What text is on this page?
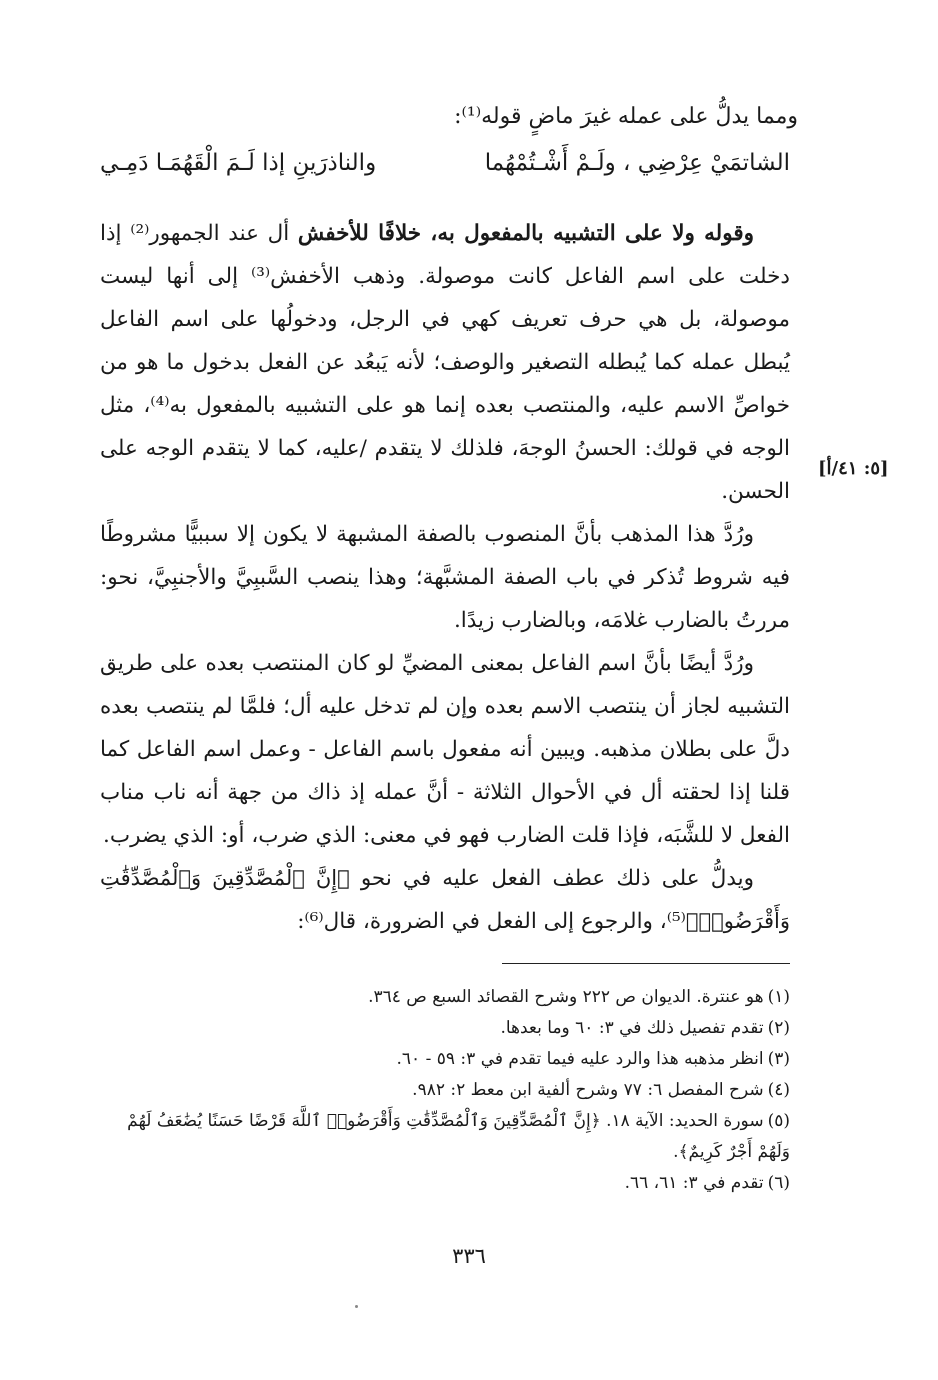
ومما يدلُّ على عمله غيرَ ماضٍ قوله⁽¹⁾:
الشاتمَيْ عِرْضِي ، ولَـمْ أَشْـتُمْهُما
والناذرَينِ إذا لَـمَ الْقَهُمَـا دَمِـي

وقوله ولا على التشبيه بالمفعول به، خلافًا للأخفش أل عند الجمهور⁽²⁾ إذا دخلت على اسم الفاعل كانت موصولة. وذهب الأخفش⁽³⁾ إلى أنها ليست موصولة، بل هي حرف تعريف كهي في الرجل، ودخولُها على اسم الفاعل يُبطل عمله كما يُبطله التصغير والوصف؛ لأنه يَبعُد عن الفعل بدخول ما هو من خواصِّ الاسم عليه، والمنتصب بعده إنما هو على التشبيه بالمفعول به⁽⁴⁾، مثل الوجه في قولك: الحسنُ الوجهَ، فلذلك لا يتقدم /عليه، كما لا يتقدم الوجه على الحسن.

ورُدَّ هذا المذهب بأنَّ المنصوب بالصفة المشبهة لا يكون إلا سببيًّا مشروطًا فيه شروط تُذكر في باب الصفة المشبَّهة؛ وهذا ينصب السَّببِيَّ والأجنبِيَّ، نحو: مررتُ بالضارب غلامَه، وبالضارب زيدًا.

ورُدَّ أيضًا بأنَّ اسم الفاعل بمعنى المضيِّ لو كان المنتصب بعده على طريق التشبيه لجاز أن ينتصب الاسم بعده وإن لم تدخل عليه أل؛ فلمَّا لم ينتصب بعده دلَّ على بطلان مذهبه. ويبين أنه مفعول باسم الفاعل - وعمل اسم الفاعل كما قلنا إذا لحقته أل في الأحوال الثلاثة - أنَّ عمله إذ ذاك من جهة أنه ناب مناب الفعل لا للشَّبَه، فإذا قلت الضارب فهو في معنى: الذي ضرب، أو: الذي يضرب.

ويدلُّ على ذلك عطف الفعل عليه في نحو ﴿إِنَّ ٱلْمُصَّدِّقِينَ وَٱلْمُصَّدِّقَٰتِ وَأَقْرَضُوا۟﴾⁽⁵⁾، والرجوع إلى الفعل في الضرورة، قال⁽⁶⁾:

[٥: ٤١/أ]

(١)هو عنترة. الديوان ص ٢٢٢ وشرح القصائد السبع ص ٣٦٤.

(٢)تقدم تفصيل ذلك في ٣: ٦٠ وما بعدها.

(٣)انظر مذهبه هذا والرد عليه فيما تقدم في ٣: ٥٩ - ٦٠.

(٤)شرح المفصل ٦: ٧٧ وشرح ألفية ابن معط ٢: ٩٨٢.

(٥)سورة الحديد: الآية ١٨. ﴿إِنَّ ٱلْمُصَّدِّقِينَ وَٱلْمُصَّدِّقَٰتِ وَأَقْرَضُوا۟ ٱللَّهَ قَرْضًا حَسَنًا يُضَٰعَفُ لَهُمْ وَلَهُمْ أَجْرٌ كَرِيمٌ﴾.

(٦)تقدم في ٣: ٦١، ٦٦.

٣٣٦
